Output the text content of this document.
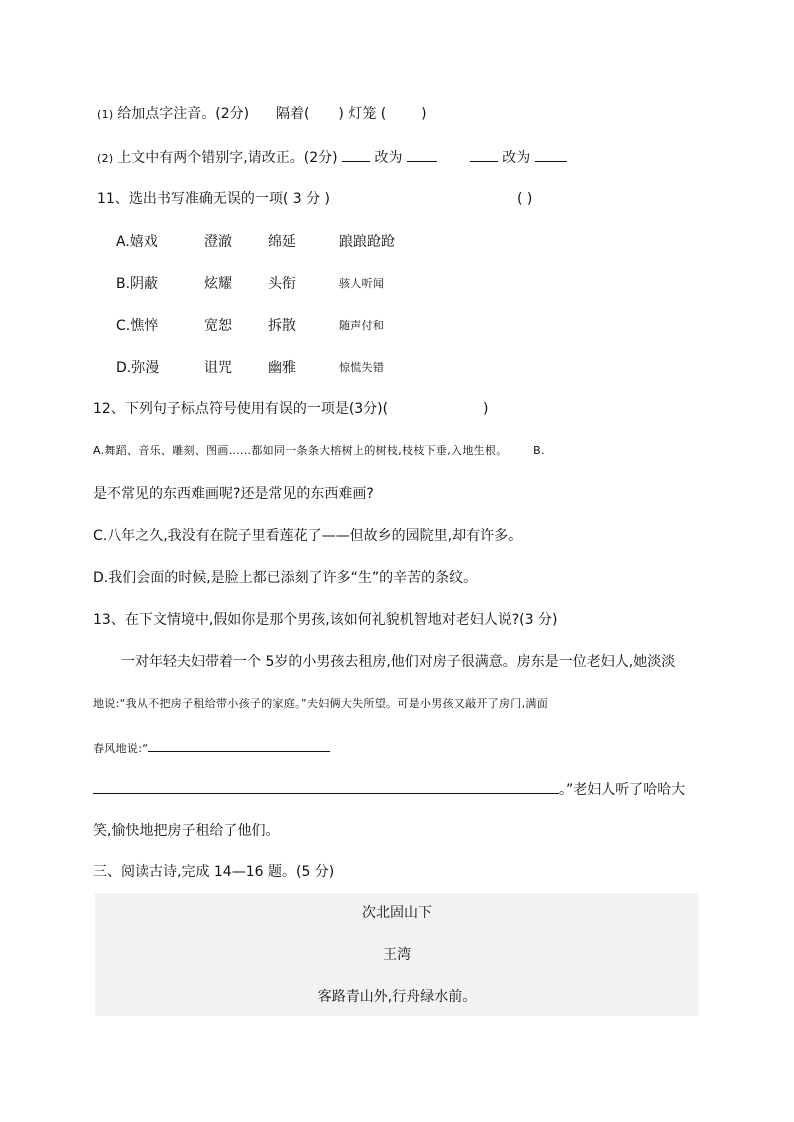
(1) 给加点字注音。(2分) 隔着( ) 灯笼 ( )
(2) 上文中有两个错别字,请改正。(2分)	改为	改为
11、选出书写准确无误的一项( 3 分 )	( )
A.嬉戏	澄澈	绵延	踉踉跄跄
B.阴蔽	炫耀	头衔	骇人听闻
C.憔悴	宽恕	拆散	随声付和
D.弥漫	诅咒	幽雅	惊慌失错
12、下列句子标点符号使用有误的一项是(3分)(	)
A.舞蹈、音乐、雕刻、图画……都如同一条条大榕树上的树枝,枝枝下垂,入地生根。 B.
是不常见的东西难画呢?还是常见的东西难画?
C.八年之久,我没有在院子里看莲花了——但故乡的园院里,却有许多。
D.我们会面的时候,是脸上都已添刻了许多“生”的辛苦的条纹。
13、在下文情境中,假如你是那个男孩,该如何礼貌机智地对老妇人说?(3 分)
一对年轻夫妇带着一个 5岁的小男孩去租房,他们对房子很满意。房东是一位老妇人,她淡淡
地说:“我从不把房子租给带小孩子的家庭。”夫妇俩大失所望。可是小男孩又敲开了房门,满面
春风地说:“
。”老妇人听了哈哈大
笑,愉快地把房子租给了他们。
三、阅读古诗,完成 14—16 题。(5 分)
次北固山下
王湾
客路青山外,行舟绿水前。
